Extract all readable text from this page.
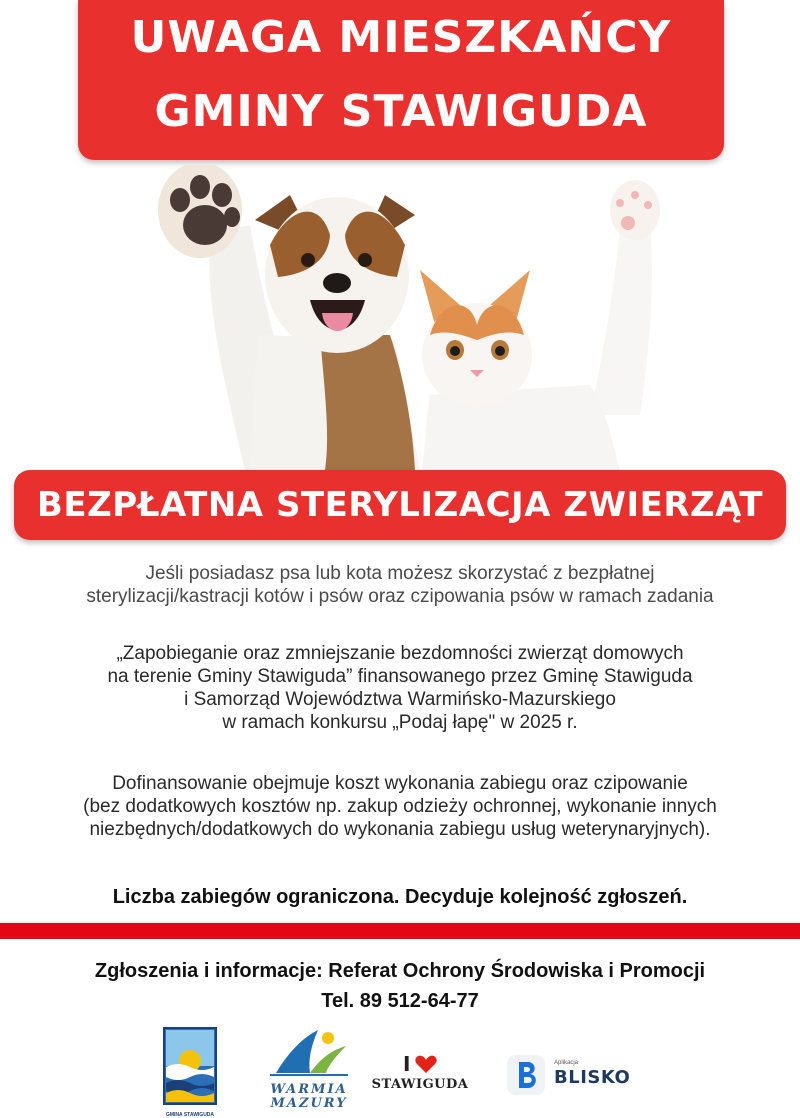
UWAGA MIESZKAŃCY
GMINY STAWIGUDA
BEZPŁATNA STERYLIZACJA ZWIERZĄT
Jeśli posiadasz psa lub kota możesz skorzystać z bezpłatnej
sterylizacji/kastracji kotów i psów oraz czipowania psów w ramach zadania
„Zapobieganie oraz zmniejszanie bezdomności zwierząt domowych
na terenie Gminy Stawiguda” finansowanego przez Gminę Stawiguda
i Samorząd Województwa Warmińsko-Mazurskiego
w ramach konkursu „Podaj łapę" w 2025 r.
Dofinansowanie obejmuje koszt wykonania zabiegu oraz czipowanie
(bez dodatkowych kosztów np. zakup odzieży ochronnej, wykonanie innych
niezbędnych/dodatkowych do wykonania zabiegu usług weterynaryjnych).
Liczba zabiegów ograniczona. Decyduje kolejność zgłoszeń.
Zgłoszenia i informacje: Referat Ochrony Środowiska i Promocji
Tel. 89 512-64-77
GMINA STAWIGUDA
WARMIA
MAZURY
I
STAWIGUDA
Aplikacja
BLISKO
